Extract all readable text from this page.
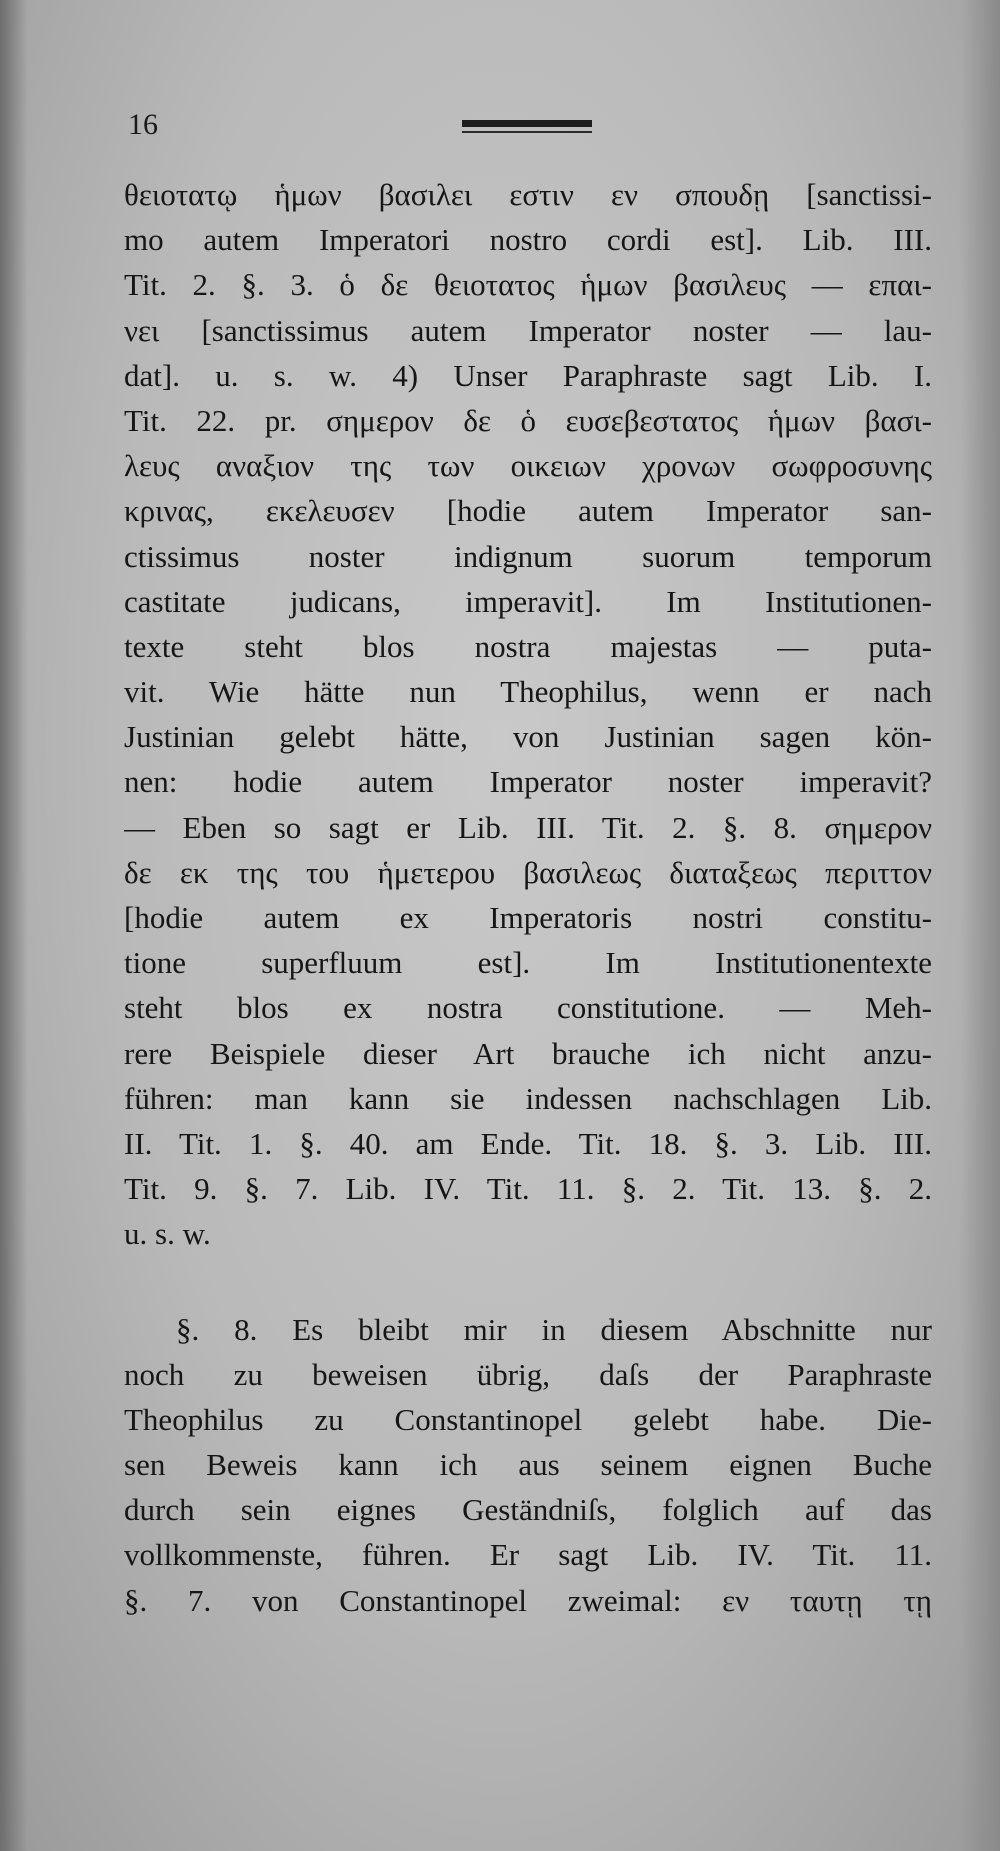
16
θειοτατῳ ἡμων βασιλει εστιν εν σπουδῃ [sanctissi-
mo autem Imperatori nostro cordi est]. Lib. III.
Tit. 2. §. 3. ὁ δε θειοτατος ἡμων βασιλευς — επαι-
νει [sanctissimus autem Imperator noster — lau-
dat]. u. s. w. 4) Unser Paraphraste sagt Lib. I.
Tit. 22. pr. σημερον δε ὁ ευσεβεστατος ἡμων βασι-
λευς αναξιον της των οικειων χρονων σωφροσυνης
κρινας, εκελευσεν [hodie autem Imperator san-
ctissimus noster indignum suorum temporum
castitate judicans, imperavit]. Im Institutionen-
texte steht blos nostra majestas — puta-
vit. Wie hätte nun Theophilus, wenn er nach
Justinian gelebt hätte, von Justinian sagen kön-
nen: hodie autem Imperator noster imperavit?
— Eben so sagt er Lib. III. Tit. 2. §. 8. σημερον
δε εκ της του ἡμετερου βασιλεως διαταξεως περιττον
[hodie autem ex Imperatoris nostri constitu-
tione superfluum est]. Im Institutionentexte
steht blos ex nostra constitutione. — Meh-
rere Beispiele dieser Art brauche ich nicht anzu-
führen: man kann sie indessen nachschlagen Lib.
II. Tit. 1. §. 40. am Ende. Tit. 18. §. 3. Lib. III.
Tit. 9. §. 7. Lib. IV. Tit. 11. §. 2. Tit. 13. §. 2.
u. s. w.
§. 8. Es bleibt mir in diesem Abschnitte nur
noch zu beweisen übrig, daſs der Paraphraste
Theophilus zu Constantinopel gelebt habe. Die-
sen Beweis kann ich aus seinem eignen Buche
durch sein eignes Geständniſs, folglich auf das
vollkommenste, führen. Er sagt Lib. IV. Tit. 11.
§. 7. von Constantinopel zweimal: εν ταυτῃ τῃ
